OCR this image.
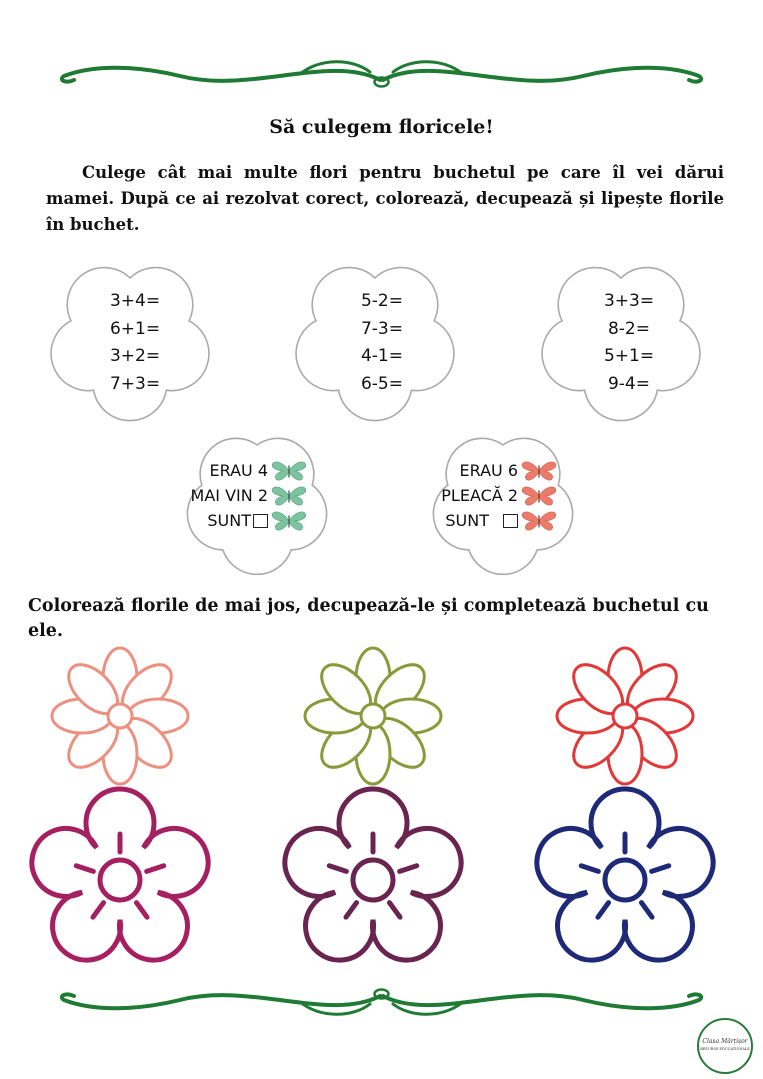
Să culegem floricele!
Culege cât mai multe flori pentru buchetul pe care îl vei dărui mamei. După ce ai rezolvat corect, colorează, decupează și lipește florile în buchet.
3+4=
6+1=
3+2=
7+3=
5-2=
7-3=
4-1=
6-5=
3+3=
8-2=
5+1=
9-4=
ERAU 4
MAI VIN 2
SUNT
ERAU 6
PLEACĂ 2
SUNT
Colorează florile de mai jos, decupează-le și completează buchetul cu ele.
Clasa Mărțișor
RESURSE EDUCATIONALE
